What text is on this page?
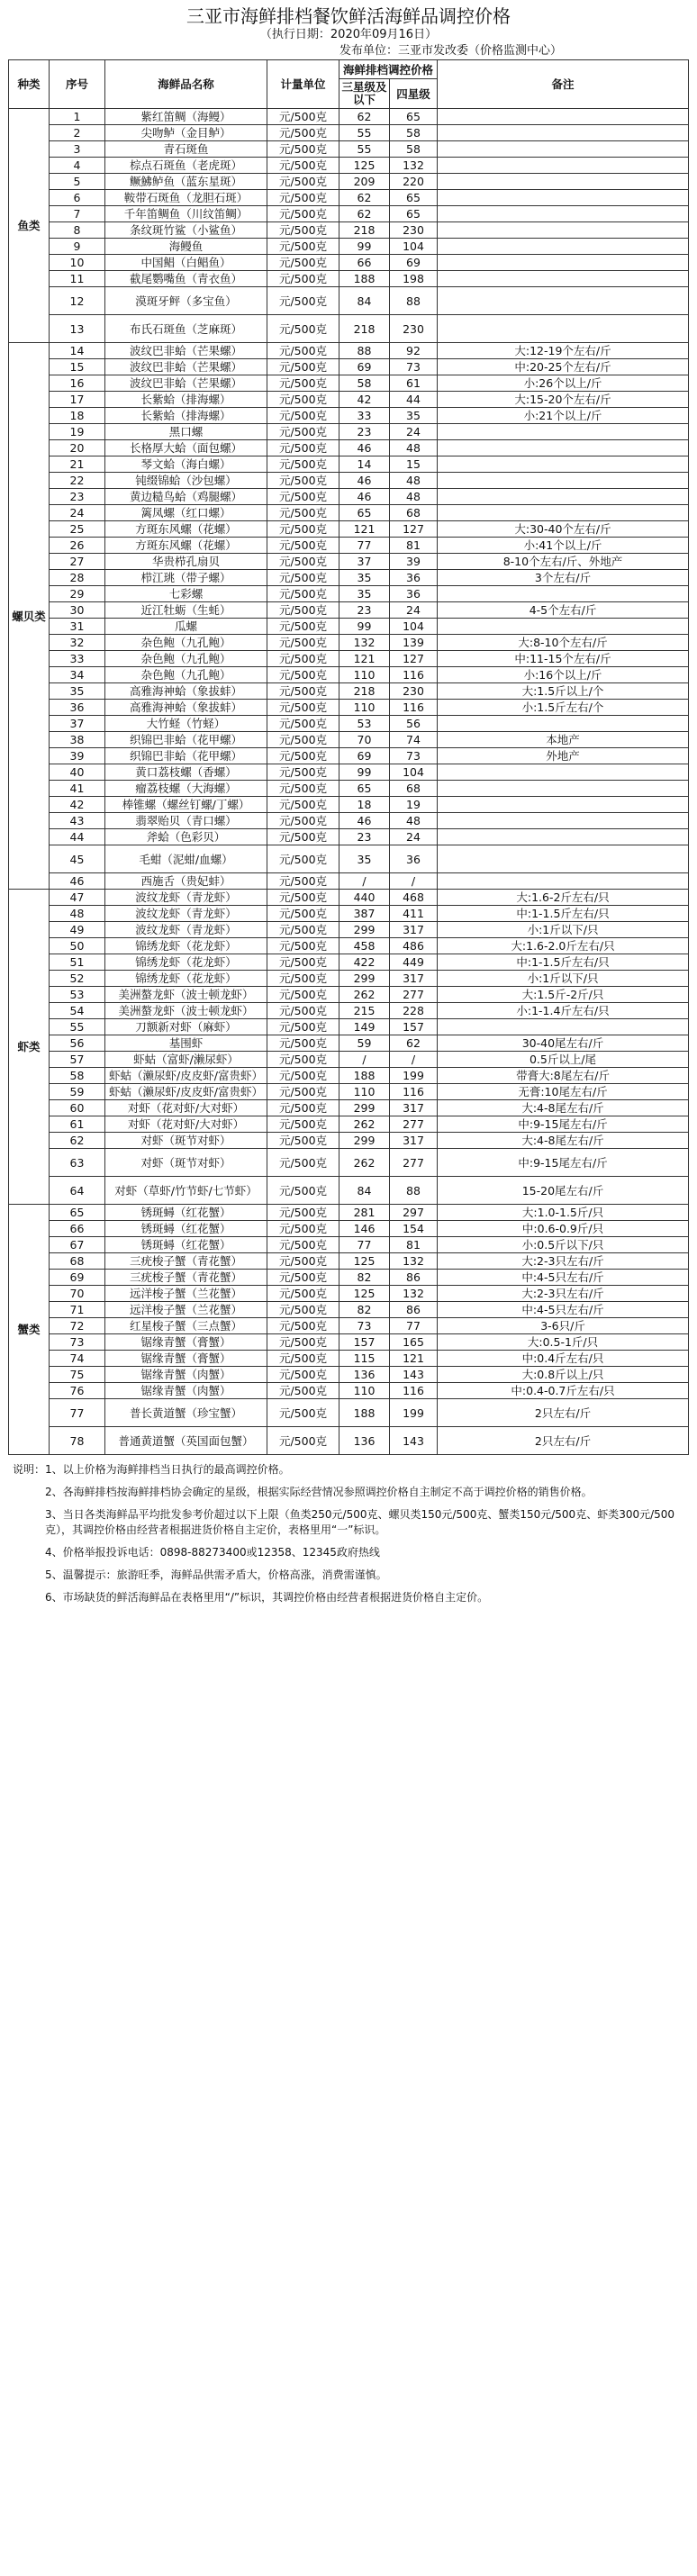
三亚市海鲜排档餐饮鲜活海鲜品调控价格
（执行日期：2020年09月16日）
发布单位：三亚市发改委（价格监测中心）
种类	序号	海鲜品名称	计量单位	海鲜排档调控价格		备注
				三星级及以下	四星级	
鱼类	1	紫红笛鲷（海鳗）	元/500克	62	65	
	2	尖吻鲈（金目鲈）	元/500克	55	58	
	3	青石斑鱼	元/500克	55	58	
	4	棕点石斑鱼（老虎斑）	元/500克	125	132	
	5	鳜鮄鲈鱼（蓝东星斑）	元/500克	209	220	
	6	鞍带石斑鱼（龙胆石斑）	元/500克	62	65	
	7	千年笛鲷鱼（川纹笛鲷）	元/500克	62	65	
	8	条纹斑竹鲨（小鲨鱼）	元/500克	218	230	
	9	海鳗鱼	元/500克	99	104	
	10	中国鲳（白鲳鱼）	元/500克	66	69	
	11	截尾鹦嘴鱼（青衣鱼）	元/500克	188	198	
	12	漠斑牙鲆（多宝鱼）	元/500克	84	88	
	13	布氏石斑鱼（芝麻斑）	元/500克	218	230	
螺贝类	14	波纹巴非蛤（芒果螺）	元/500克	88	92	大:12-19个左右/斤
	15	波纹巴非蛤（芒果螺）	元/500克	69	73	中:20-25个左右/斤
	16	波纹巴非蛤（芒果螺）	元/500克	58	61	小:26个以上/斤
	17	长紫蛤（排海螺）	元/500克	42	44	大:15-20个左右/斤
	18	长紫蛤（排海螺）	元/500克	33	35	小:21个以上/斤
	19	黑口螺	元/500克	23	24	
	20	长格厚大蛤（面包螺）	元/500克	46	48	
	21	琴文蛤（海白螺）	元/500克	14	15	
	22	钝缀锦蛤（沙包螺）	元/500克	46	48	
	23	黄边糙鸟蛤（鸡腿螺）	元/500克	46	48	
	24	篱凤螺（红口螺）	元/500克	65	68	
	25	方斑东风螺（花螺）	元/500克	121	127	大:30-40个左右/斤
	26	方斑东风螺（花螺）	元/500克	77	81	小:41个以上/斤
	27	华贵栉孔扇贝	元/500克	37	39	8-10个左右/斤、外地产
	28	栉江珧（带子螺）	元/500克	35	36	3个左右/斤
	29	七彩螺	元/500克	35	36	
	30	近江牡蛎（生蚝）	元/500克	23	24	4-5个左右/斤
	31	瓜螺	元/500克	99	104	
	32	杂色鲍（九孔鲍）	元/500克	132	139	大:8-10个左右/斤
	33	杂色鲍（九孔鲍）	元/500克	121	127	中:11-15个左右/斤
	34	杂色鲍（九孔鲍）	元/500克	110	116	小:16个以上/斤
	35	高雅海神蛤（象拔蚌）	元/500克	218	230	大:1.5斤以上/个
	36	高雅海神蛤（象拔蚌）	元/500克	110	116	小:1.5斤左右/个
	37	大竹蛏（竹蛏）	元/500克	53	56	
	38	织锦巴非蛤（花甲螺）	元/500克	70	74	本地产
	39	织锦巴非蛤（花甲螺）	元/500克	69	73	外地产
	40	黄口荔枝螺（香螺）	元/500克	99	104	
	41	瘤荔枝螺（大海螺）	元/500克	65	68	
	42	棒锥螺（螺丝钉螺/丁螺）	元/500克	18	19	
	43	翡翠贻贝（青口螺）	元/500克	46	48	
	44	斧蛤（色彩贝）	元/500克	23	24	
	45	毛蚶（泥蚶/血螺）	元/500克	35	36	
	46	西施舌（贵妃蚌）	元/500克	/	/	
虾类	47	波纹龙虾（青龙虾）	元/500克	440	468	大:1.6-2斤左右/只
	48	波纹龙虾（青龙虾）	元/500克	387	411	中:1-1.5斤左右/只
	49	波纹龙虾（青龙虾）	元/500克	299	317	小:1斤以下/只
	50	锦绣龙虾（花龙虾）	元/500克	458	486	大:1.6-2.0斤左右/只
	51	锦绣龙虾（花龙虾）	元/500克	422	449	中:1-1.5斤左右/只
	52	锦绣龙虾（花龙虾）	元/500克	299	317	小:1斤以下/只
	53	美洲螯龙虾（波士顿龙虾）	元/500克	262	277	大:1.5斤-2斤/只
	54	美洲螯龙虾（波士顿龙虾）	元/500克	215	228	小:1-1.4斤左右/只
	55	刀额新对虾（麻虾）	元/500克	149	157	
	56	基围虾	元/500克	59	62	30-40尾左右/斤
	57	虾蛄（富虾/濑尿虾）	元/500克	/	/	0.5斤以上/尾
	58	虾蛄（濑尿虾/皮皮虾/富贵虾）	元/500克	188	199	带膏大:8尾左右/斤
	59	虾蛄（濑尿虾/皮皮虾/富贵虾）	元/500克	110	116	无膏:10尾左右/斤
	60	对虾（花对虾/大对虾）	元/500克	299	317	大:4-8尾左右/斤
	61	对虾（花对虾/大对虾）	元/500克	262	277	中:9-15尾左右/斤
	62	对虾（斑节对虾）	元/500克	299	317	大:4-8尾左右/斤
	63	对虾（斑节对虾）	元/500克	262	277	中:9-15尾左右/斤
	64	对虾（草虾/竹节虾/七节虾）	元/500克	84	88	15-20尾左右/斤
蟹类	65	锈斑蟳（红花蟹）	元/500克	281	297	大:1.0-1.5斤/只
	66	锈斑蟳（红花蟹）	元/500克	146	154	中:0.6-0.9斤/只
	67	锈斑蟳（红花蟹）	元/500克	77	81	小:0.5斤以下/只
	68	三疣梭子蟹（青花蟹）	元/500克	125	132	大:2-3只左右/斤
	69	三疣梭子蟹（青花蟹）	元/500克	82	86	中:4-5只左右/斤
	70	远洋梭子蟹（兰花蟹）	元/500克	125	132	大:2-3只左右/斤
	71	远洋梭子蟹（兰花蟹）	元/500克	82	86	中:4-5只左右/斤
	72	红星梭子蟹（三点蟹）	元/500克	73	77	3-6只/斤
	73	锯缘青蟹（膏蟹）	元/500克	157	165	大:0.5-1斤/只
	74	锯缘青蟹（膏蟹）	元/500克	115	121	中:0.4斤左右/只
	75	锯缘青蟹（肉蟹）	元/500克	136	143	大:0.8斤以上/只
	76	锯缘青蟹（肉蟹）	元/500克	110	116	中:0.4-0.7斤左右/只
	77	普长黄道蟹（珍宝蟹）	元/500克	188	199	2只左右/斤
	78	普通黄道蟹（英国面包蟹）	元/500克	136	143	2只左右/斤
说明： 1、以上价格为海鲜排档当日执行的最高调控价格。
2、各海鲜排档按海鲜排档协会确定的星级，根据实际经营情况参照调控价格自主制定不高于调控价格的销售价格。
3、当日各类海鲜品平均批发参考价超过以下上限（鱼类250元/500克、螺贝类150元/500克、蟹类150元/500克、虾类300元/500克），其调控价格由经营者根据进货价格自主定价，表格里用“一”标识。
4、价格举报投诉电话：0898-88273400或12358、12345政府热线
5、温馨提示：旅游旺季，海鲜品供需矛盾大，价格高涨，消费需谨慎。
6、市场缺货的鲜活海鲜品在表格里用“/”标识，其调控价格由经营者根据进货价格自主定价。
